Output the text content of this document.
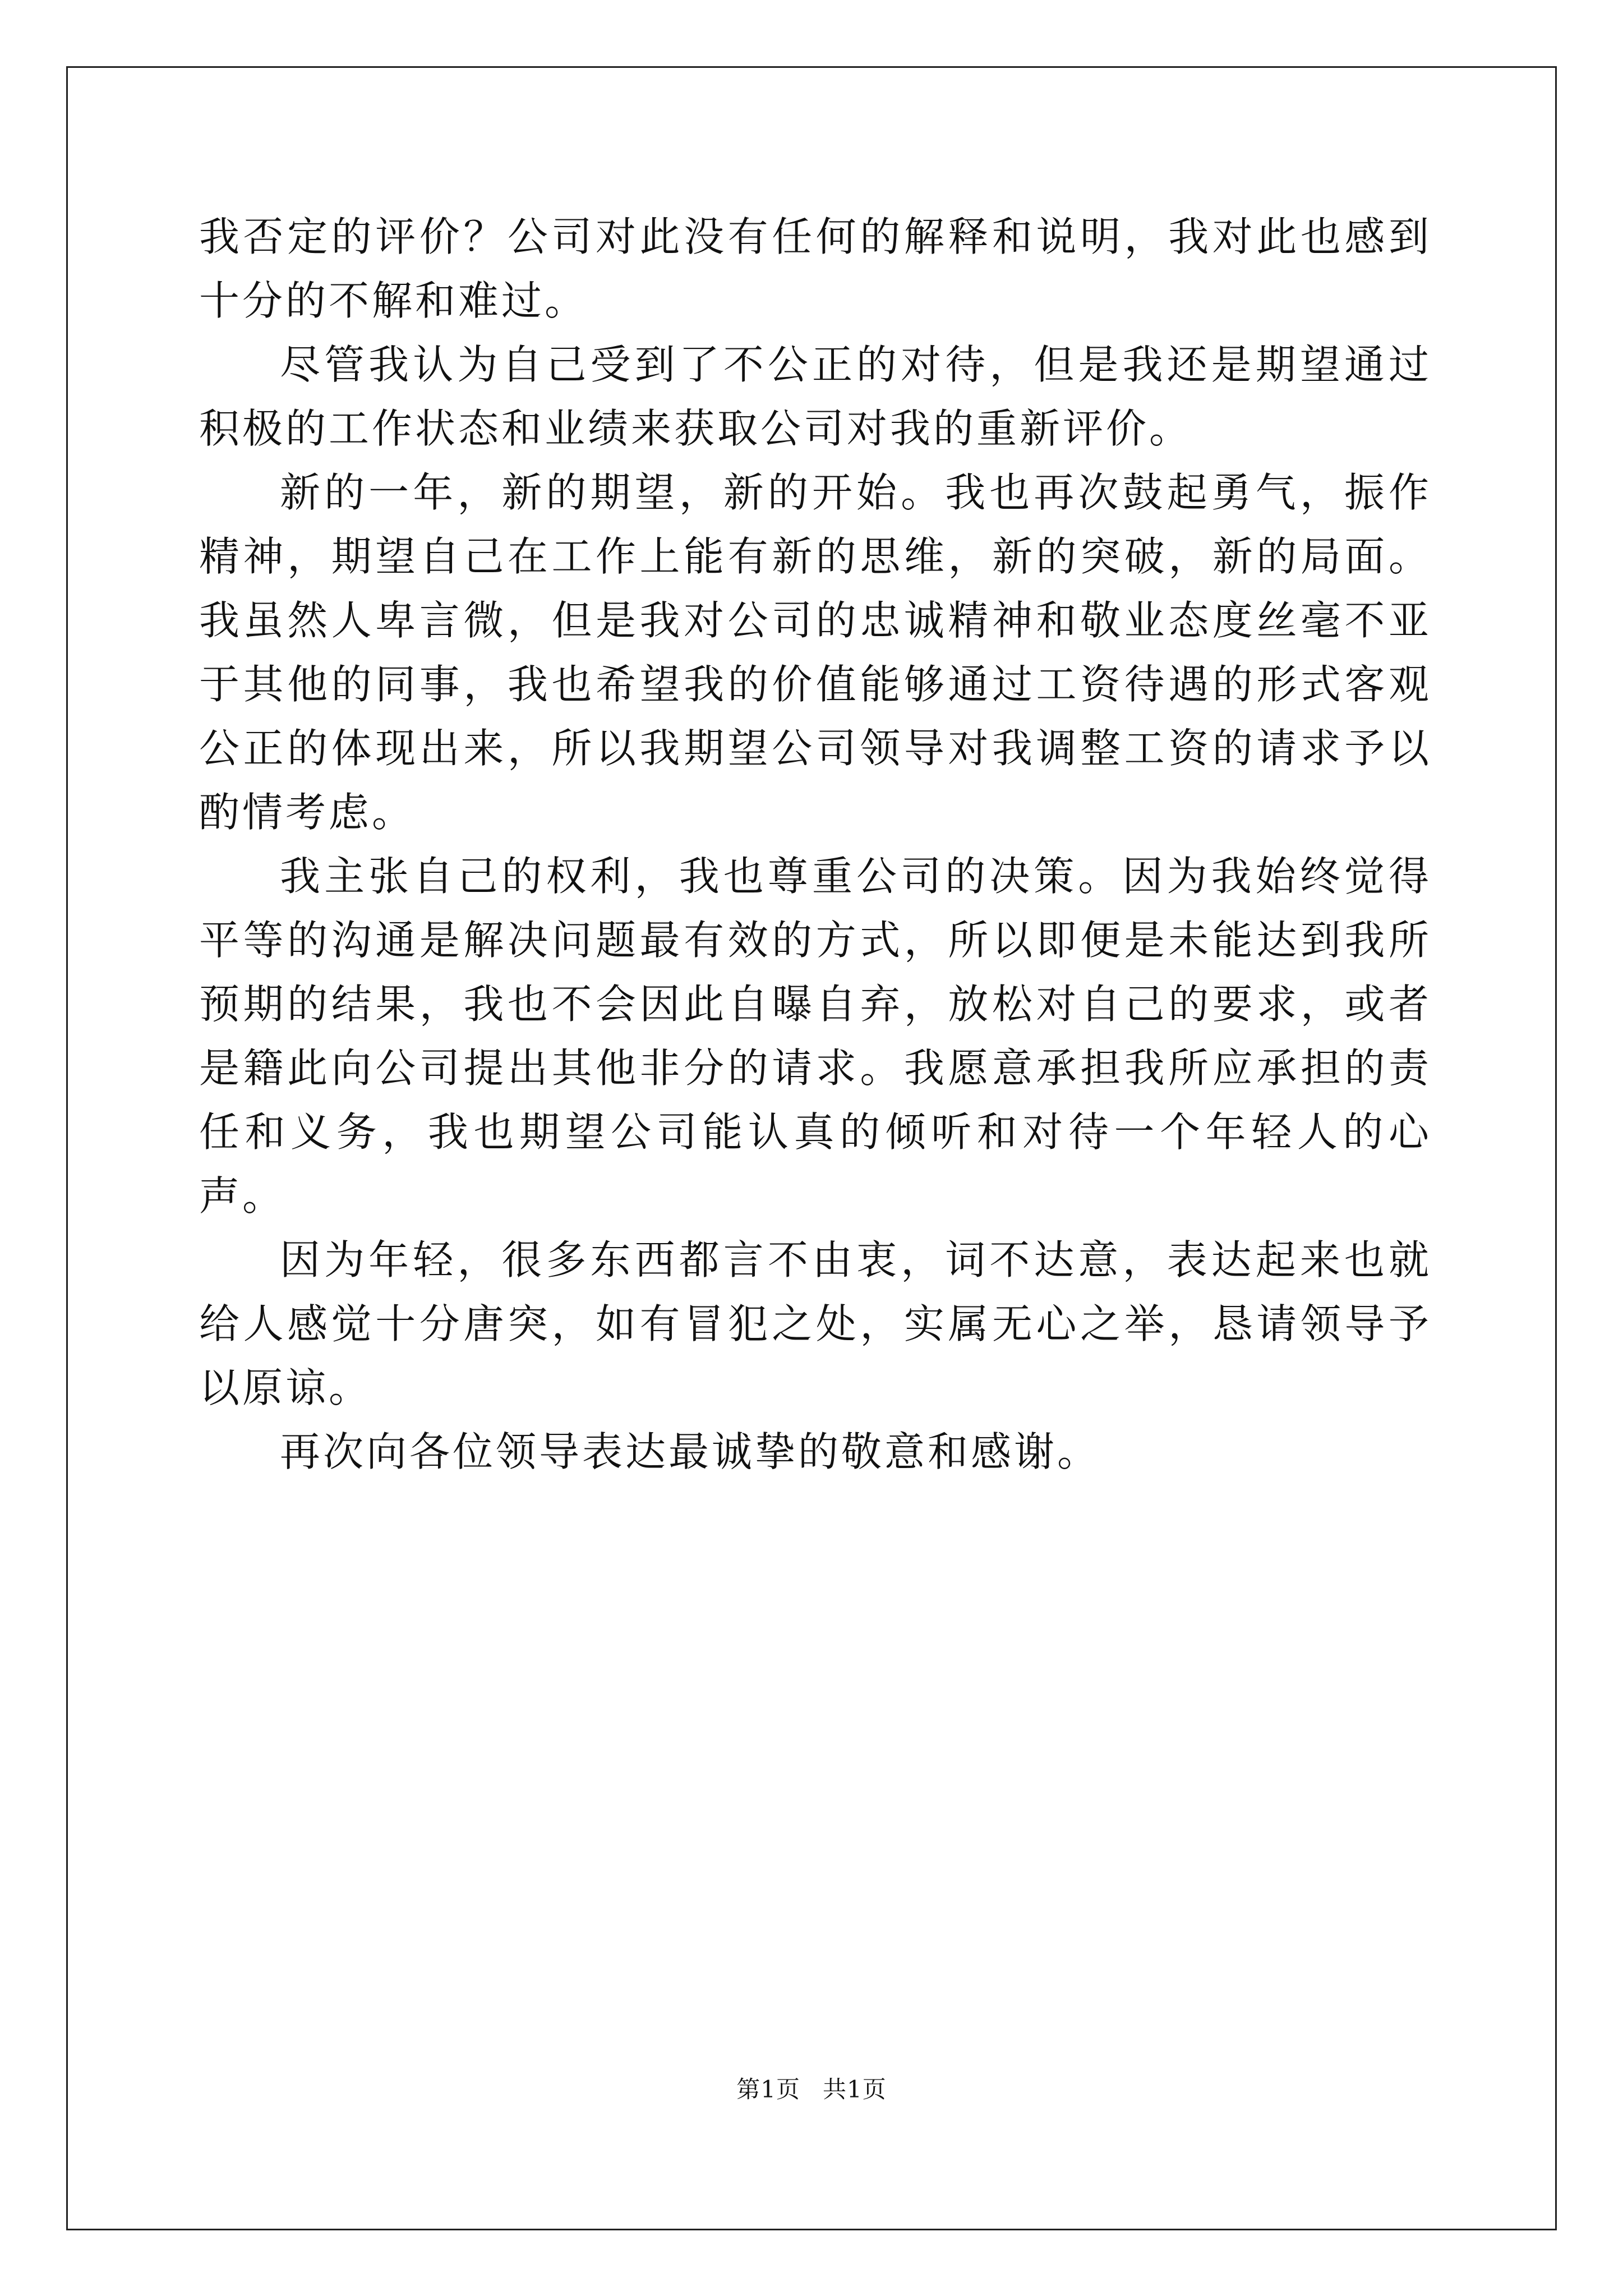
我否定的评价？公司对此没有任何的解释和说明，我对此也感到十分的不解和难过。

尽管我认为自己受到了不公正的对待，但是我还是期望通过积极的工作状态和业绩来获取公司对我的重新评价。

新的一年，新的期望，新的开始。我也再次鼓起勇气，振作精神，期望自己在工作上能有新的思维，新的突破，新的局面。我虽然人卑言微，但是我对公司的忠诚精神和敬业态度丝毫不亚于其他的同事，我也希望我的价值能够通过工资待遇的形式客观公正的体现出来，所以我期望公司领导对我调整工资的请求予以酌情考虑。

我主张自己的权利，我也尊重公司的决策。因为我始终觉得平等的沟通是解决问题最有效的方式，所以即便是未能达到我所预期的结果，我也不会因此自曝自弃，放松对自己的要求，或者是籍此向公司提出其他非分的请求。我愿意承担我所应承担的责任和义务，我也期望公司能认真的倾听和对待一个年轻人的心声。

因为年轻，很多东西都言不由衷，词不达意，表达起来也就给人感觉十分唐突，如有冒犯之处，实属无心之举，恳请领导予以原谅。

再次向各位领导表达最诚挚的敬意和感谢。

第1页 共1页
